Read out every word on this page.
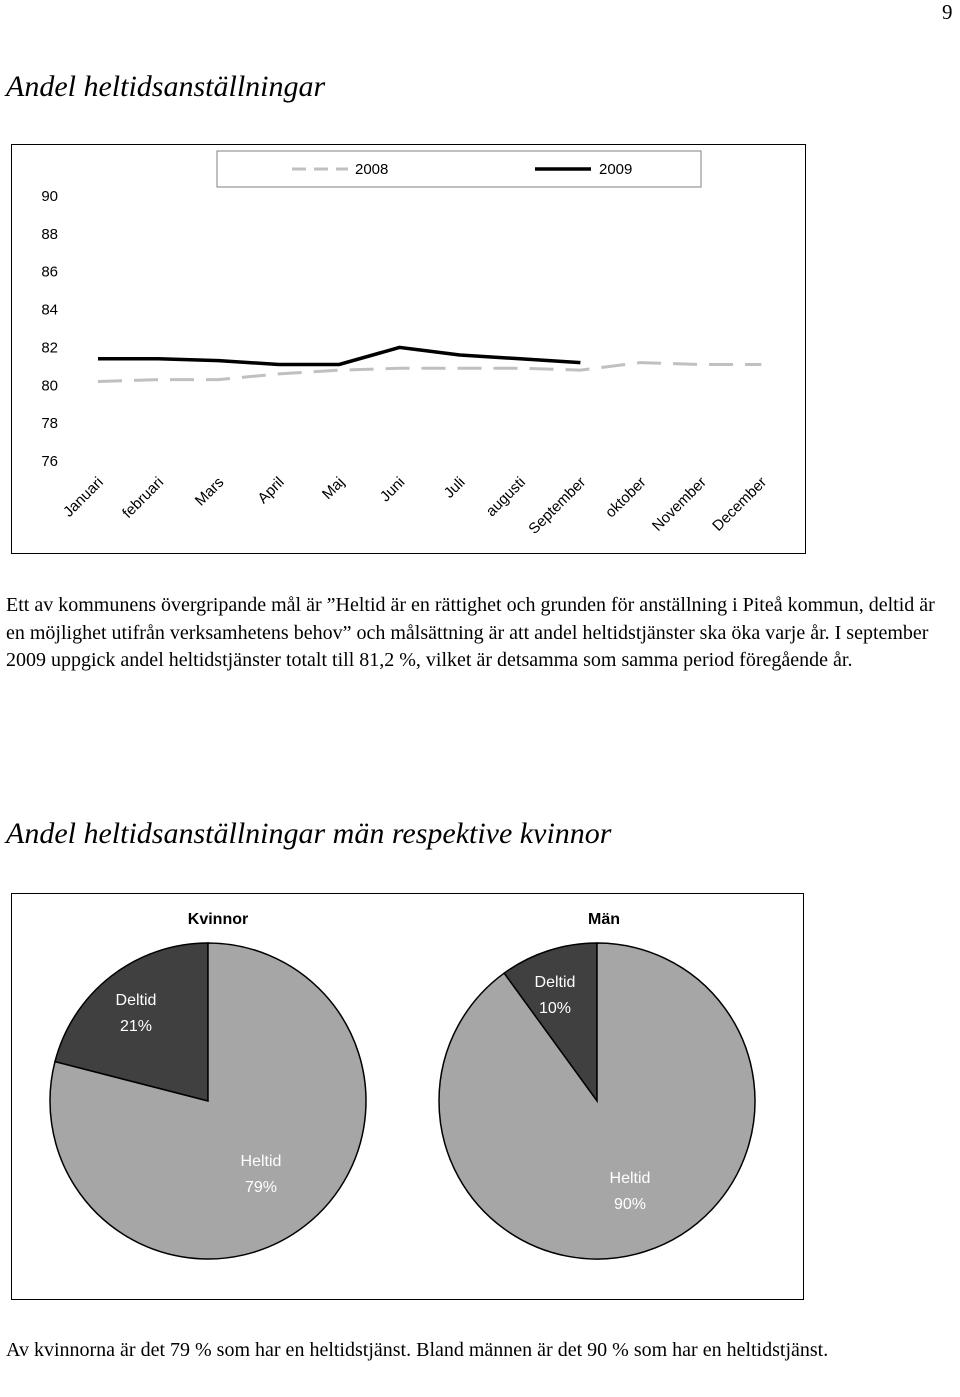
9
Andel heltidsanställningar
2008	2009
90
88
86
84
82
80
78
76
Januari februari Mars April Maj Juni Juli augusti
September oktober November December
Ett av kommunens övergripande mål är ”Heltid är en rättighet och grunden för anställning i Piteå kommun, deltid är en möjlighet utifrån verksamhetens behov” och målsättning är att andel heltidstjänster ska öka varje år. I september 2009 uppgick andel heltidstjänster totalt till 81,2 %, vilket är detsamma som samma period föregående år.
Andel heltidsanställningar män respektive kvinnor
Kvinnor	Män
Deltid
21%
Heltid
79%
Deltid
10%
Heltid
90%
Av kvinnorna är det 79 % som har en heltidstjänst. Bland männen är det 90 % som har en heltidstjänst.
